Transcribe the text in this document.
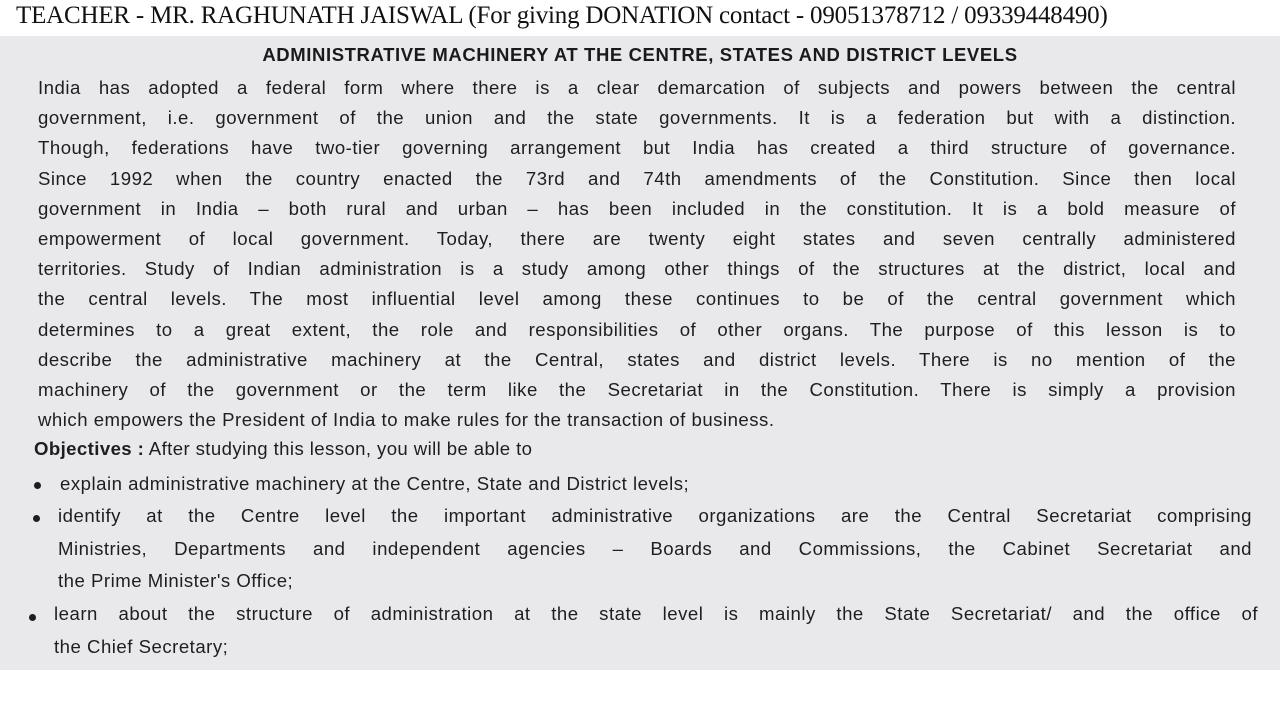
TEACHER - MR. RAGHUNATH JAISWAL (For giving DONATION contact - 09051378712 / 09339448490)
ADMINISTRATIVE MACHINERY AT THE CENTRE, STATES AND DISTRICT LEVELS
India has adopted a federal form where there is a clear demarcation of subjects and powers between the central
government, i.e. government of the union and the state governments. It is a federation but with a distinction.
Though, federations have two-tier governing arrangement but India has created a third structure of governance.
Since 1992 when the country enacted the 73rd and 74th amendments of the Constitution. Since then local
government in India – both rural and urban – has been included in the constitution. It is a bold measure of
empowerment of local government. Today, there are twenty eight states and seven centrally administered
territories. Study of Indian administration is a study among other things of the structures at the district, local and
the central levels. The most influential level among these continues to be of the central government which
determines to a great extent, the role and responsibilities of other organs. The purpose of this lesson is to
describe the administrative machinery at the Central, states and district levels. There is no mention of the
machinery of the government or the term like the Secretariat in the Constitution. There is simply a provision
which empowers the President of India to make rules for the transaction of business.
Objectives : After studying this lesson, you will be able to
explain administrative machinery at the Centre, State and District levels;
identify at the Centre level the important administrative organizations are the Central Secretariat comprising
Ministries, Departments and independent agencies – Boards and Commissions, the Cabinet Secretariat and
the Prime Minister's Office;
learn about the structure of administration at the state level is mainly the State Secretariat/ and the office of
the Chief Secretary;
